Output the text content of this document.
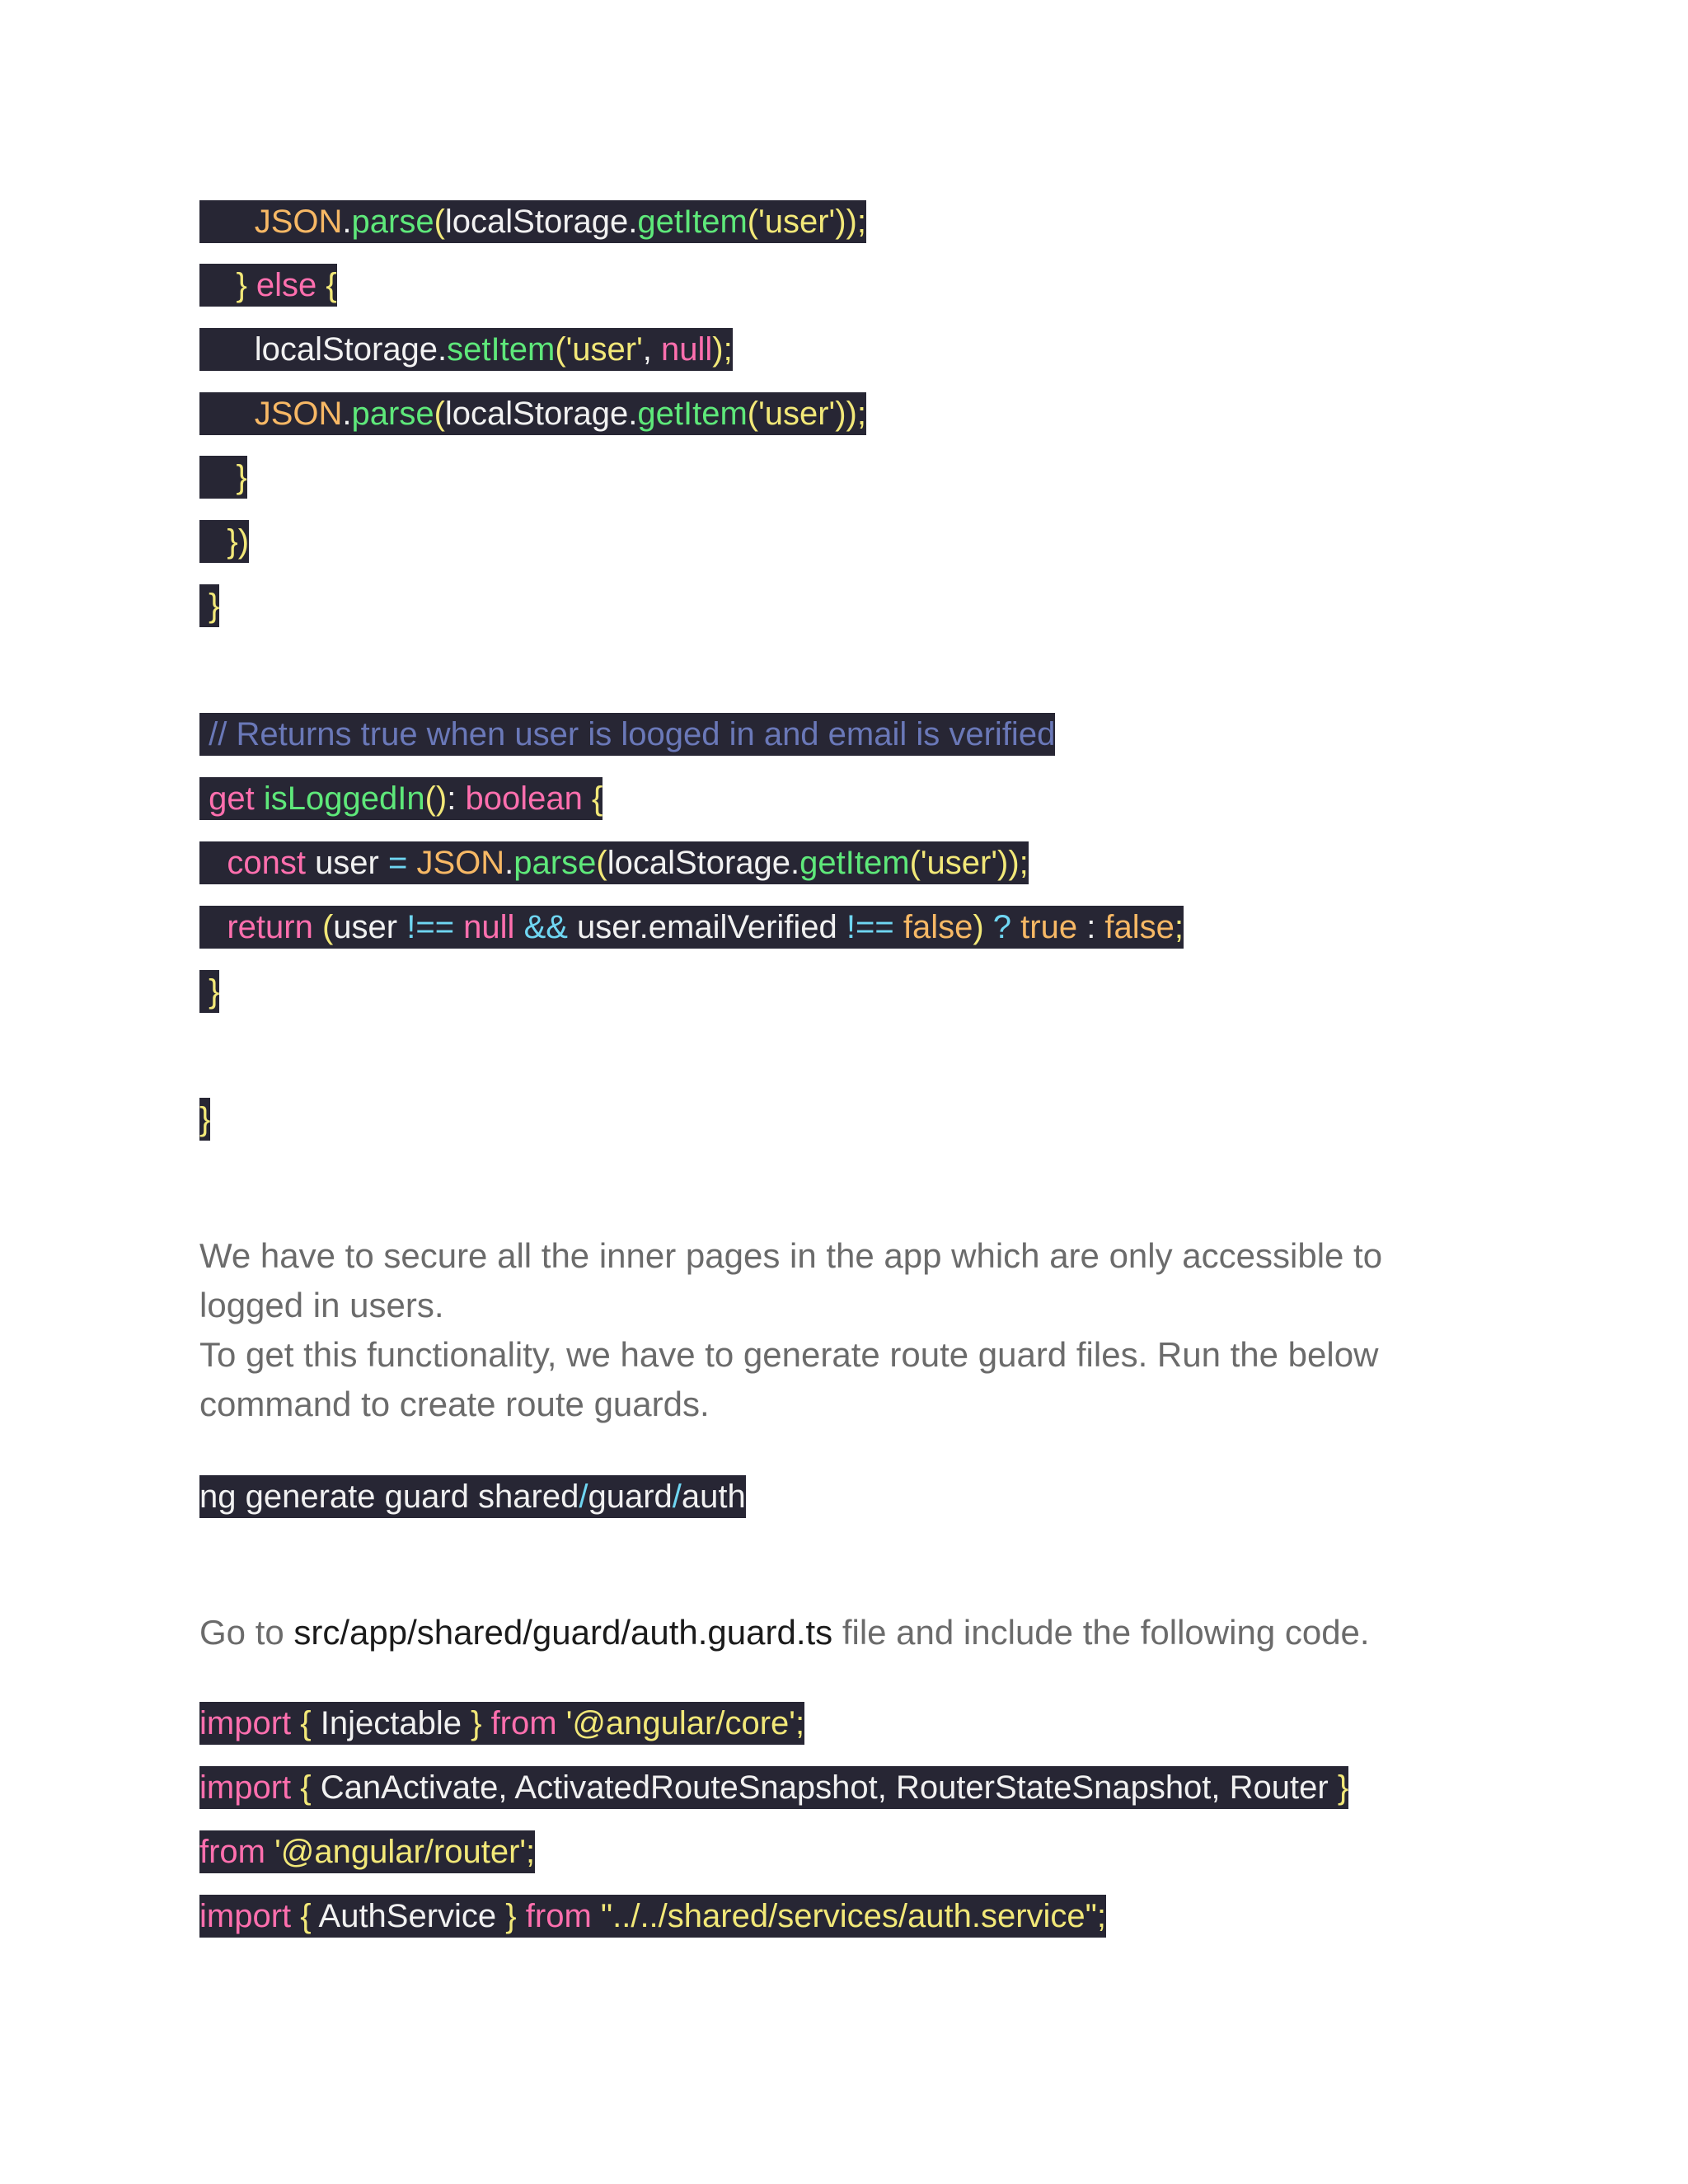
JSON.parse(localStorage.getItem('user'));
} else {
localStorage.setItem('user', null);
JSON.parse(localStorage.getItem('user'));
}
})
}
// Returns true when user is looged in and email is verified
get isLoggedIn(): boolean {
const user = JSON.parse(localStorage.getItem('user'));
return (user !== null && user.emailVerified !== false) ? true : false;
}
}
We have to secure all the inner pages in the app which are only accessible to
logged in users.
To get this functionality, we have to generate route guard files. Run the below
command to create route guards.
ng generate guard shared/guard/auth
Go to src/app/shared/guard/auth.guard.ts file and include the following code.
import { Injectable } from '@angular/core';
import { CanActivate, ActivatedRouteSnapshot, RouterStateSnapshot, Router }
from '@angular/router';
import { AuthService } from "../../shared/services/auth.service";
